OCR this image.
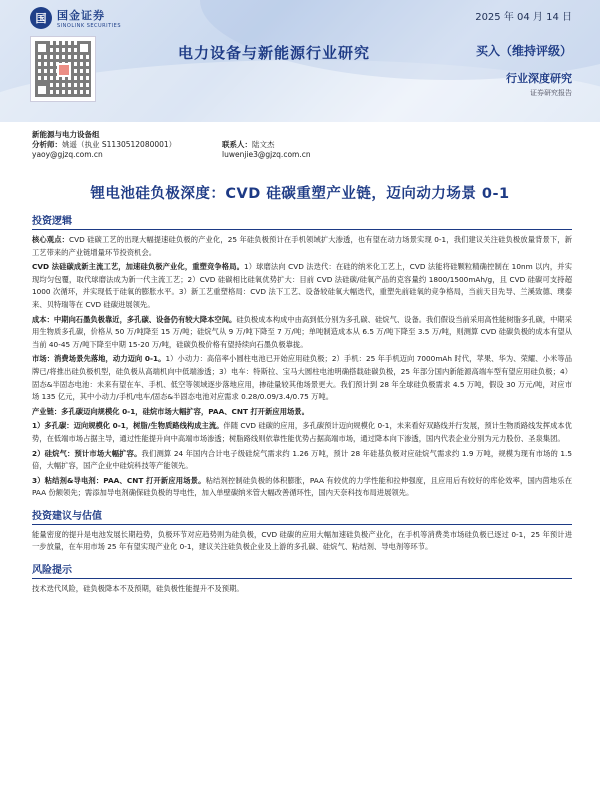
国 国金证券
SINOLINK SECURITIES
2025 年 04 月 14 日
电力设备与新能源行业研究	买入（维持评级）
行业深度研究
证券研究报告
新能源与电力设备组
分析师：姚遥（执业 S1130512080001）	联系人：陆文杰
yaoy@gjzq.com.cn	luwenjie3@gjzq.com.cn
锂电池硅负极深度：CVD 硅碳重塑产业链，迈向动力场景 0-1
投资逻辑

核心观点：CVD 硅碳工艺的出现大幅提速硅负极的产业化，25 年硅负极预计在手机领域扩大渗透，也有望在动力场景实现 0-1，我们建议关注硅负极放量背景下，新工艺带来的产业链增量环节投资机会。

CVD 法硅碳成新主流工艺，加速硅负极产业化，重塑竞争格局。1）球磨法向 CVD 法迭代：在硅的纳米化工艺上，CVD 法能将硅颗粒精确控制在 10nm 以内，并实现均匀包覆，取代球磨法成为新一代主流工艺；2）CVD 硅碳相比硅氧优势扩大：目前 CVD 法硅碳/硅氧产品的克容量约 1800/1500mAh/g，且 CVD 硅碳可支持超 1000 次循环，并实现低于硅氧的膨胀水平。3）新工艺重塑格局：CVD 法下工艺、设备较硅氧大幅迭代，重塑先前硅氧的竞争格局，当前天目先导、兰溪致德、璞泰来、贝特瑞等在 CVD 硅碳进展领先。

成本：中期向石墨负极靠近，多孔碳、设备仍有较大降本空间。硅负极成本构成中由高到低分别为多孔碳、硅烷气、设备。我们假设当前采用高性能树脂多孔碳，中期采用生物质多孔碳，价格从 50 万/吨降至 15 万/吨；硅烷气从 9 万/吨下降至 7 万/吨；单吨制造成本从 6.5 万/吨下降至 3.5 万/吨，则测算 CVD 硅碳负极的成本有望从当前 40-45 万/吨下降至中期 15-20 万/吨，硅碳负极价格有望持续向石墨负极靠拢。

市场：消费场景先落地，动力迈向 0-1。1）小动力：高倍率小圆柱电池已开始应用硅负极；2）手机：25 年手机迈向 7000mAh 时代，苹果、华为、荣耀、小米等品牌已/将推出硅负极机型，硅负极从高端机向中低端渗透；3）电车：特斯拉、宝马大圆柱电池明确搭载硅碳负极，25 年部分国内新能源高端车型有望应用硅负极；4）固态&半固态电池：未来有望在车、手机、低空等领域逐步落地应用，掺硅量较其他场景更大。我们预计到 28 年全球硅负极需求 4.5 万吨，假设 30 万元/吨，对应市场 135 亿元，其中小动力/手机/电车/固态&半固态电池对应需求 0.28/0.09/3.4/0.75 万吨。

产业链：多孔碳迈向规模化 0-1，硅烷市场大幅扩容，PAA、CNT 打开新应用场景。

1）多孔碳：迈向规模化 0-1，树脂/生物质路线构成主流。伴随 CVD 硅碳的应用，多孔碳预计迈向规模化 0-1，未来看好双路线并行发展，预计生物质路线发挥成本优势，在低端市场占据主导，通过性能提升向中高端市场渗透；树脂路线则依靠性能优势占据高端市场，通过降本向下渗透，国内代表企业分别为元力股份、圣泉集团。

2）硅烷气：预计市场大幅扩容。我们测算 24 年国内合计电子级硅烷气需求约 1.26 万吨，预计 28 年硅基负极对应硅烷气需求约 1.9 万吨，规模为现有市场的 1.5 倍，大幅扩容，国产企业中硅烷科技等产能领先。

3）粘结剂&导电剂：PAA、CNT 打开新应用场景。粘结剂控制硅负极的体积膨胀，PAA 有较优的力学性能和拉伸强度，且应用后有较好的库伦效率，国内茵地乐在 PAA 份额领先；需添加导电剂确保硅负极的导电性，加入单壁碳纳米管大幅改善循环性，国内天奈科技布局进展领先。

投资建议与估值

能量密度的提升是电池发展长期趋势，负极环节对应趋势则为硅负极，CVD 硅碳的应用大幅加速硅负极产业化，在手机等消费类市场硅负极已逐过 0-1，25 年预计进一步放量，在车用市场 25 年有望实现产业化 0-1，建议关注硅负极企业及上游的多孔碳、硅烷气、粘结剂、导电剂等环节。

风险提示

技术迭代风险，硅负极降本不及预期，硅负极性能提升不及预期。
